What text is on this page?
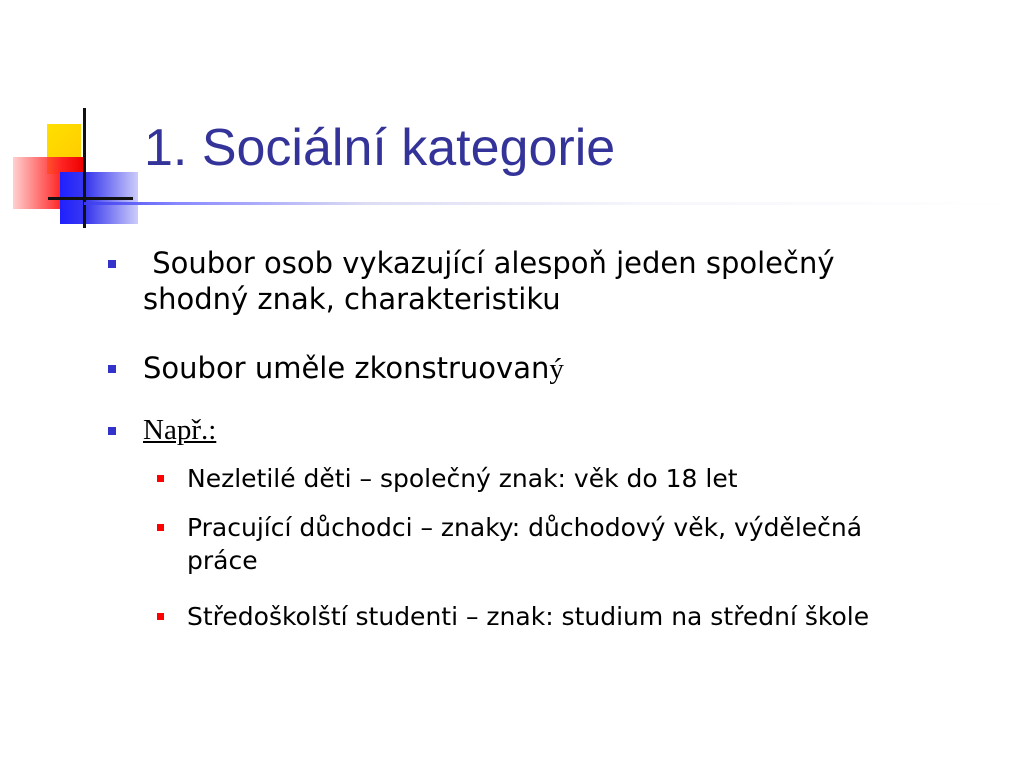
1. Sociální kategorie
Soubor osob vykazující alespoň jeden společný shodný znak, charakteristiku
Soubor uměle zkonstruovaný
Např.:
Nezletilé děti – společný znak: věk do 18 let
Pracující důchodci – znaky: důchodový věk, výdělečná práce
Středoškolští studenti – znak: studium na střední škole
